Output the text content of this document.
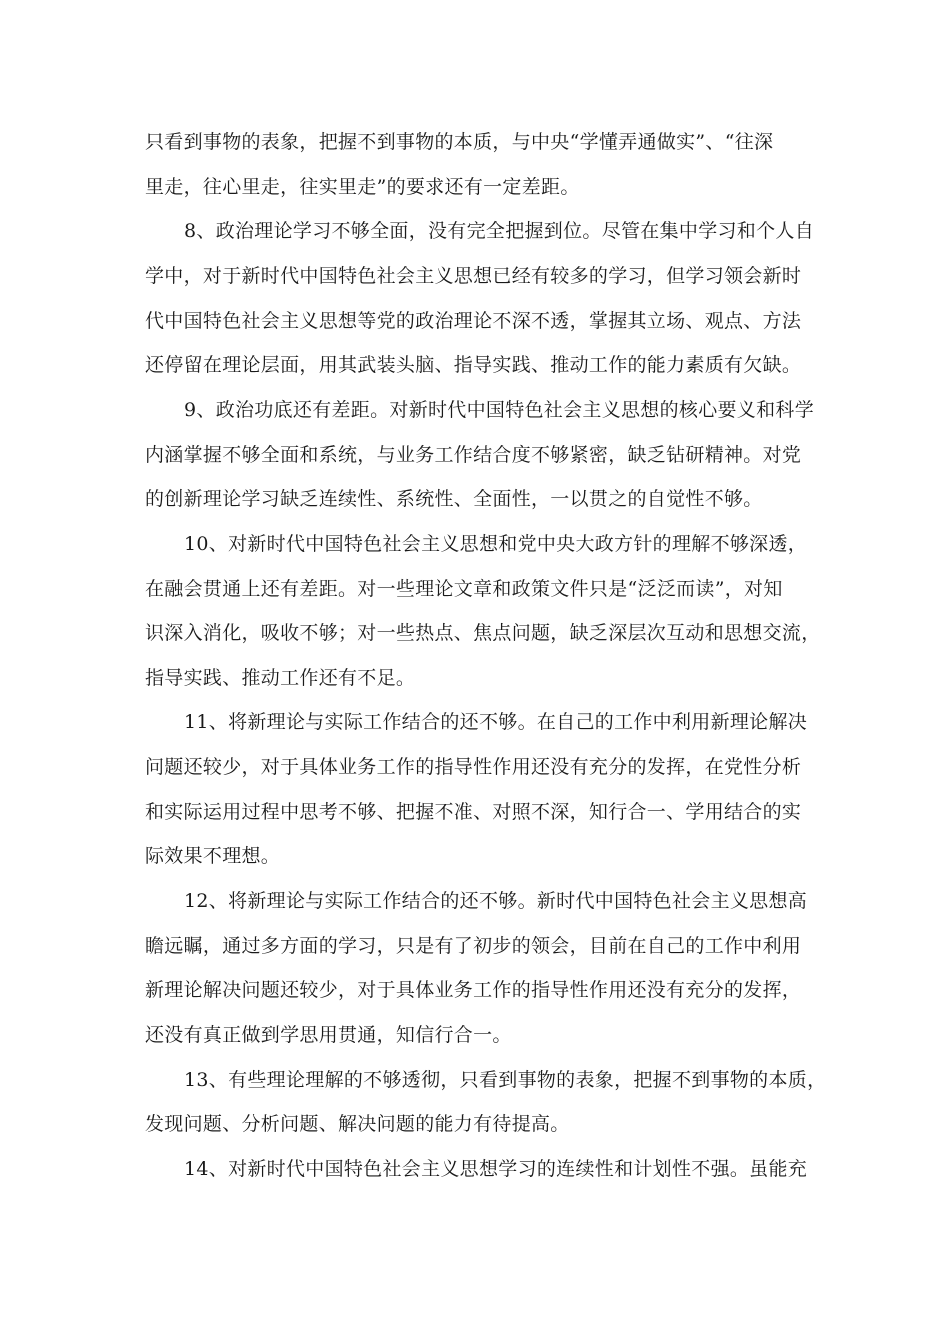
只看到事物的表象，把握不到事物的本质，与中央“学懂弄通做实”、“往深
里走，往心里走，往实里走”的要求还有一定差距。
8、政治理论学习不够全面，没有完全把握到位。尽管在集中学习和个人自
学中，对于新时代中国特色社会主义思想已经有较多的学习，但学习领会新时
代中国特色社会主义思想等党的政治理论不深不透，掌握其立场、观点、方法
还停留在理论层面，用其武装头脑、指导实践、推动工作的能力素质有欠缺。
9、政治功底还有差距。对新时代中国特色社会主义思想的核心要义和科学
内涵掌握不够全面和系统，与业务工作结合度不够紧密，缺乏钻研精神。对党
的创新理论学习缺乏连续性、系统性、全面性，一以贯之的自觉性不够。
10、对新时代中国特色社会主义思想和党中央大政方针的理解不够深透，
在融会贯通上还有差距。对一些理论文章和政策文件只是“泛泛而读”，对知
识深入消化，吸收不够；对一些热点、焦点问题，缺乏深层次互动和思想交流，
指导实践、推动工作还有不足。
11、将新理论与实际工作结合的还不够。在自己的工作中利用新理论解决
问题还较少，对于具体业务工作的指导性作用还没有充分的发挥，在党性分析
和实际运用过程中思考不够、把握不准、对照不深，知行合一、学用结合的实
际效果不理想。
12、将新理论与实际工作结合的还不够。新时代中国特色社会主义思想高
瞻远瞩，通过多方面的学习，只是有了初步的领会，目前在自己的工作中利用
新理论解决问题还较少，对于具体业务工作的指导性作用还没有充分的发挥，
还没有真正做到学思用贯通，知信行合一。
13、有些理论理解的不够透彻，只看到事物的表象，把握不到事物的本质，
发现问题、分析问题、解决问题的能力有待提高。
14、对新时代中国特色社会主义思想学习的连续性和计划性不强。虽能充
